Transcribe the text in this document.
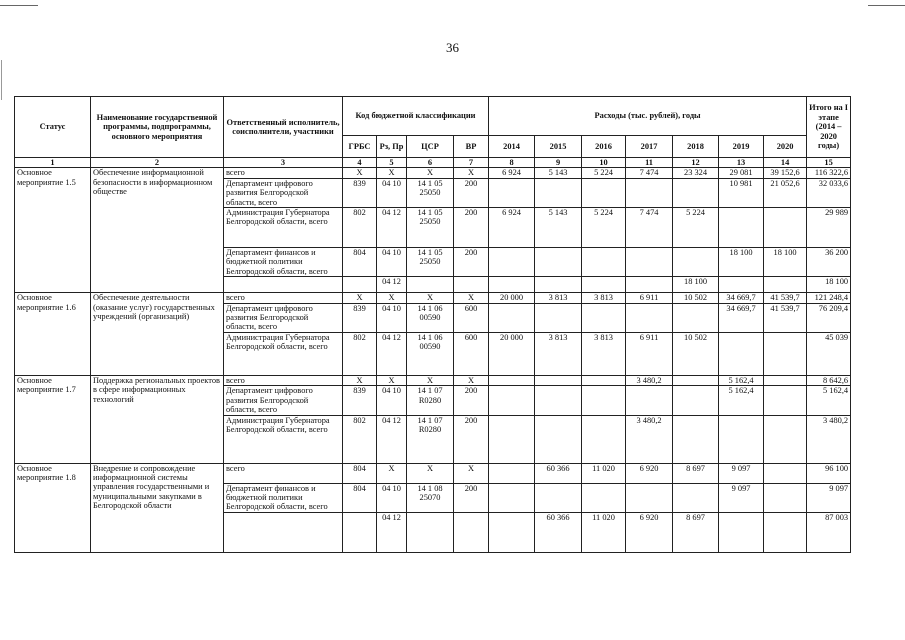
36
Статус	Наименование государственной программы, подпрограммы, основного мероприятия	Ответственный исполнитель, соисполнители, участники	Код бюджетной классификации				Расходы (тыс. рублей), годы							Итого на I этапе (2014 – 2020 годы)
			ГРБС	Рз, Пр	ЦСР	ВР	2014	2015	2016	2017	2018	2019	2020	
1	2	3	4	5	6	7	8	9	10	11	12	13	14	15
Основное мероприятие 1.5	Обеспечение информационной безопасности в информационном обществе	всего	X	X	X	X	6 924	5 143	5 224	7 474	23 324	29 081	39 152,6	116 322,6
		Департамент цифрового развития Белгородской области, всего	839	04 10	14 1 05 25050	200						10 981	21 052,6	32 033,6
		Администрация Губернатора Белгородской области, всего	802	04 12	14 1 05 25050	200	6 924	5 143	5 224	7 474	5 224			29 989
		Департамент финансов и бюджетной политики Белгородской области, всего	804	04 10	14 1 05 25050	200						18 100	18 100	36 200
				04 12							18 100			18 100
Основное мероприятие 1.6	Обеспечение деятельности (оказание услуг) государственных учреждений (организаций)	всего	X	X	X	X	20 000	3 813	3 813	6 911	10 502	34 669,7	41 539,7	121 248,4
		Департамент цифрового развития Белгородской области, всего	839	04 10	14 1 06 00590	600						34 669,7	41 539,7	76 209,4
		Администрация Губернатора Белгородской области, всего	802	04 12	14 1 06 00590	600	20 000	3 813	3 813	6 911	10 502			45 039
Основное мероприятие 1.7	Поддержка региональных проектов в сфере информационных технологий	всего	X	X	X	X				3 480,2		5 162,4		8 642,6
		Департамент цифрового развития Белгородской области, всего	839	04 10	14 1 07 R0280	200						5 162,4		5 162,4
		Администрация Губернатора Белгородской области, всего	802	04 12	14 1 07 R0280	200				3 480,2				3 480,2
Основное мероприятие 1.8	Внедрение и сопровождение информационной системы управления государственными и муниципальными закупками в Белгородской области	всего	804	X	X	X		60 366	11 020	6 920	8 697	9 097		96 100
		Департамент финансов и бюджетной политики Белгородской области, всего	804	04 10	14 1 08 25070	200						9 097		9 097
				04 12				60 366	11 020	6 920	8 697			87 003
